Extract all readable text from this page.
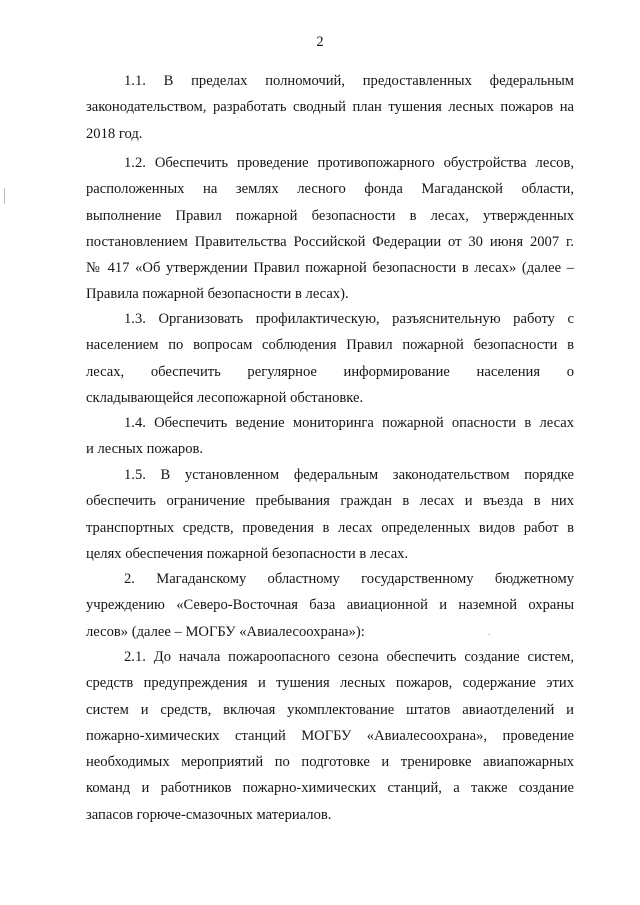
2
1.1. В пределах полномочий, предоставленных федеральным
законодательством, разработать сводный план тушения лесных пожаров на
2018 год.
1.2. Обеспечить проведение противопожарного обустройства лесов,
расположенных на землях лесного фонда Магаданской области,
выполнение Правил пожарной безопасности в лесах, утвержденных
постановлением Правительства Российской Федерации от 30 июня 2007 г.
№ 417 «Об утверждении Правил пожарной безопасности в лесах» (далее –
Правила пожарной безопасности в лесах).
1.3. Организовать профилактическую, разъяснительную работу с
населением по вопросам соблюдения Правил пожарной безопасности в
лесах, обеспечить регулярное информирование населения о
складывающейся лесопожарной обстановке.
1.4. Обеспечить ведение мониторинга пожарной опасности в лесах
и лесных пожаров.
1.5. В установленном федеральным законодательством порядке
обеспечить ограничение пребывания граждан в лесах и въезда в них
транспортных средств, проведения в лесах определенных видов работ в
целях обеспечения пожарной безопасности в лесах.
2. Магаданскому областному государственному бюджетному
учреждению «Северо-Восточная база авиационной и наземной охраны
лесов» (далее – МОГБУ «Авиалесоохрана»):
2.1. До начала пожароопасного сезона обеспечить создание систем,
средств предупреждения и тушения лесных пожаров, содержание этих
систем и средств, включая укомплектование штатов авиаотделений и
пожарно-химических станций МОГБУ «Авиалесоохрана», проведение
необходимых мероприятий по подготовке и тренировке авиапожарных
команд и работников пожарно-химических станций, а также создание
запасов горюче-смазочных материалов.
